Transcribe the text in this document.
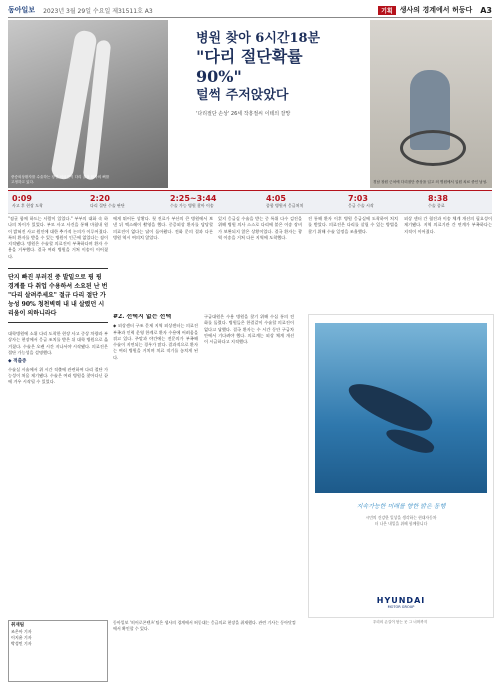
동아일보 2023년 3월 29일 수요일 제31511호 A3	기획	생사의 경계에서 허둥다 A3
중증외상환자를 수술하는 장면 의료진이 다리 골절 환자의 뼈를 고정하고 있다.
병원 찾아 6시간18분
"다리 절단확률 90%"
털썩 주저앉았다
'다리절단 손상' 26세 작흥절씨 이테의 잘망
경남 창원 근처에 다리절단 중상을 입고 의 병원에서 입원 치료 중인 남성.
0:09
사고 후 현장 도착
2:20
다리 절단 수술 판단
2:25~3:44
수술 가능 병원 찾아 이송
4:05
종합 병원서 응급처치
7:03
응급 수술 시작
8:38
수술 종료
"점굴 함께 하드는 사람이 있었다." 부부의 대화 속 하나의 차이가 있었다. 부모 사고 사건을 통해 마침내 원이 밝혀진 사고 원인에 대한 추가적 논의가 이루어졌다. 특히 환자를 받을 수 있는 병원이 인근에 없었다는 점이 지적됐다. 병원은 수술할 의료진이 부족하다며 환자 수용을 거부했다. 결국 여러 병원을 거쳐 이송이 이어졌다.
단지 빠진 부러진 중 발밑으로 핑 핑 경계를 다 취업 수용하셔 소요된 난 번 "다리 살려주세요" 절규 다리 절단 가능성 90% 청천벽력 내 내 살렸던 시리움이 의하니라다
대학병원에 소위 다리 도착한 현장 사고 중상 차량과 부상자는 현장에서 응급 조치를 받은 뒤 대학 병원으로 옮겨졌다. 수술은 오랜 시간 지나서야 시작됐다. 의료진은 절단 가능성을 설명했다.
◆ 적출증
수술실 시술에서 위 시간 적출에 관련하여 다리 절단 가능성이 처음 제기됐다. 수술은 여러 병원을 찾아다닌 끝에 겨우 시작될 수 있었다.
에게 뛰어든 상황다. 첫 진료가 부산의 큰 병원에서 보낸 뒤 엑스레이 촬영을 했다. 중증외상 환자를 담당할 의료진이 없다는 답이 돌아왔다. 전화 문의 결과 다른 병원 역시 여의치 않았다.
있지 응급실 수술을 받는 중 특위 다수 검진을 위해 병원 의사 스스로 다리에 붙은 이송 장비가 보완되지 않은 상황이었다. 결국 환자는 광역 이송을 거쳐 다른 지역에 도착했다.
진 통해 환자 이후 병원 응급실에 도착하여 처치를 받았다. 의료진은 다리를 살릴 수 있는 방법을 찾기 위해 수술 일정을 조율했다.
외상 센터 간 협진과 이송 체계 개선의 필요성이 제기됐다. 지역 의료기관 간 연계가 부족하다는 지적이 이어졌다.
#2. 선택지 없는 선택
◆ 외상센터 구조 문제 지역 외상센터는 의료진 부족과 인력 운영 한계로 환자 수용에 어려움을 겪고 있다. 주말과 야간에는 전문의가 부족해 수술이 지연되는 경우가 많다. 결과적으로 환자는 여러 병원을 거치며 치료 적기를 놓치게 된다.
구급대원은 수용 병원을 찾기 위해 수십 통의 전화를 돌렸다. 병원들은 한결같이 수술할 의료진이 없다고 답했다. 결국 환자는 수 시간 동안 구급차 안에서 기다려야 했다. 의료계는 외상 체계 개선이 시급하다고 지적했다.
지속가능한 미래를 향한 밝은 동행
시민의 건강한 일상을 생각하는 현대자동차
더 나은 내일을 위해 함께합니다
HYUNDAI
MOTOR GROUP
취재팀
조은아 기자
이지윤 기자
박성민 기자
동아일보 ‘히어로콘텐츠’팀은 생사의 경계에서 허둥대는 응급의료 현장을 취재했다. 관련 기사는 동아닷컴에서 확인할 수 있다.
우리의 손길이 닿는 곳 그 너머까지
